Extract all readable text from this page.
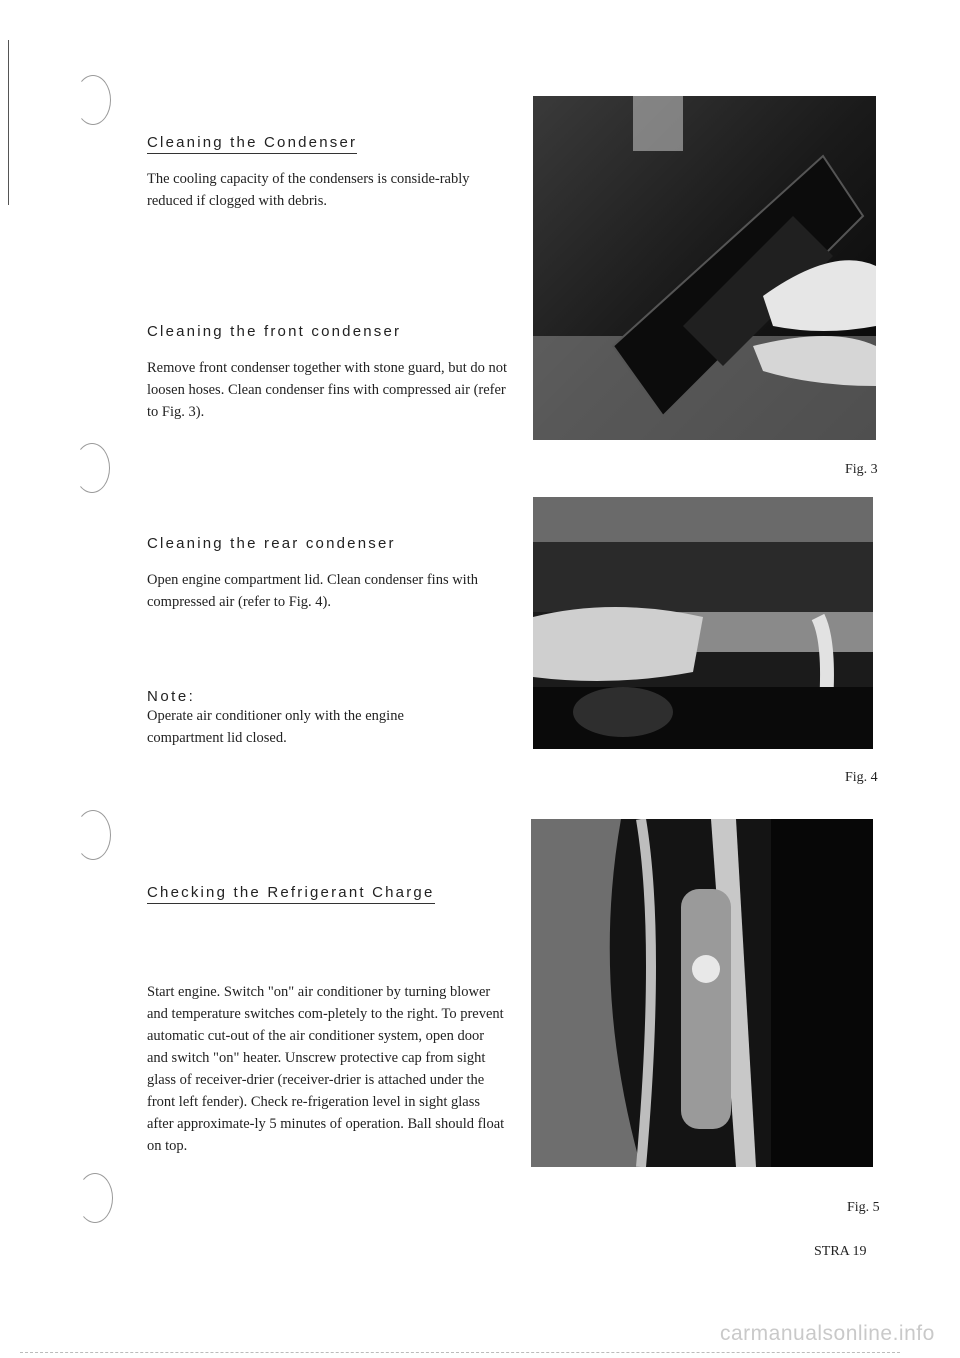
Cleaning the Condenser
The cooling capacity of the condensers is conside-rably reduced if clogged with debris.
Cleaning the front condenser
Remove front condenser together with stone guard, but do not loosen hoses. Clean condenser fins with compressed air (refer to Fig. 3).
Cleaning the rear condenser
Open engine compartment lid. Clean condenser fins with compressed air (refer to Fig. 4).
Note:
Operate air conditioner only with the engine compartment lid closed.
Checking the Refrigerant Charge
Start engine. Switch "on" air conditioner by turning blower and temperature switches com-pletely to the right. To prevent automatic cut-out of the air conditioner system, open door and switch "on" heater. Unscrew protective cap from sight glass of receiver-drier (receiver-drier is attached under the front left fender). Check re-frigeration level in sight glass after approximate-ly 5 minutes of operation. Ball should float on top.
Fig. 3
Fig. 4
Fig. 5
STRA 19
carmanualsonline.info
